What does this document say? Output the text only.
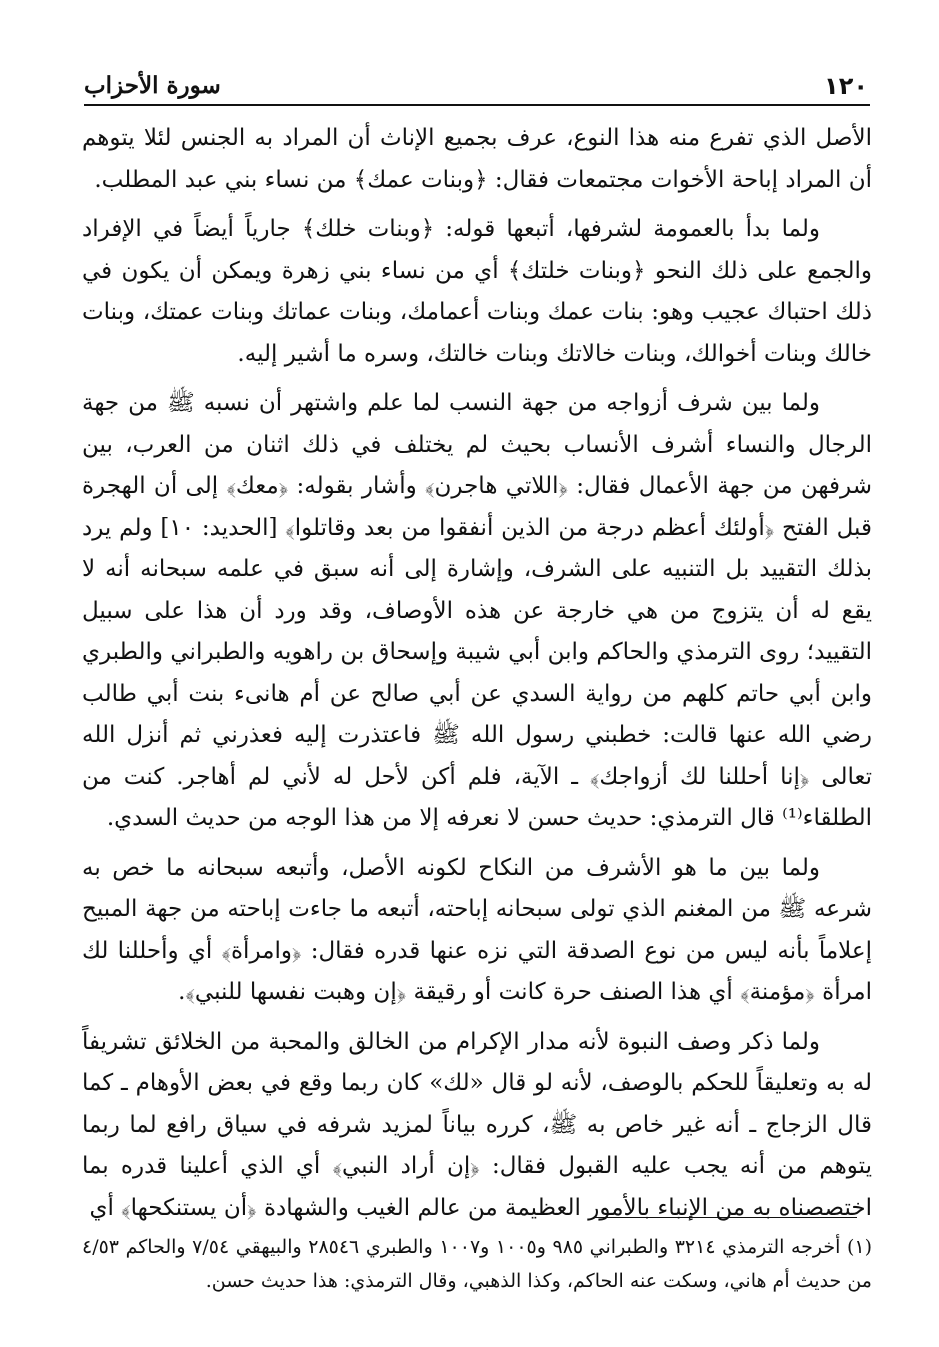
١٢٠
سورة الأحزاب

الأصل الذي تفرع منه هذا النوع، عرف بجميع الإناث أن المراد به الجنس لئلا يتوهم أن المراد إباحة الأخوات مجتمعات فقال: ﴿وبنات عمك﴾ من نساء بني عبد المطلب.

ولما بدأ بالعمومة لشرفها، أتبعها قوله: ﴿وبنات خلك﴾ جارياً أيضاً في الإفراد والجمع على ذلك النحو ﴿وبنات خلتك﴾ أي من نساء بني زهرة ويمكن أن يكون في ذلك احتباك عجيب وهو: بنات عمك وبنات أعمامك، وبنات عماتك وبنات عمتك، وبنات خالك وبنات أخوالك، وبنات خالاتك وبنات خالتك، وسره ما أشير إليه.

ولما بين شرف أزواجه من جهة النسب لما علم واشتهر أن نسبه ﷺ من جهة الرجال والنساء أشرف الأنساب بحيث لم يختلف في ذلك اثنان من العرب، بين شرفهن من جهة الأعمال فقال: ﴿اللاتي هاجرن﴾ وأشار بقوله: ﴿معك﴾ إلى أن الهجرة قبل الفتح ﴿أولئك أعظم درجة من الذين أنفقوا من بعد وقاتلوا﴾ [الحديد: ١٠] ولم يرد بذلك التقييد بل التنبيه على الشرف، وإشارة إلى أنه سبق في علمه سبحانه أنه لا يقع له أن يتزوج من هي خارجة عن هذه الأوصاف، وقد ورد أن هذا على سبيل التقييد؛ روى الترمذي والحاكم وابن أبي شيبة وإسحاق بن راهويه والطبراني والطبري وابن أبي حاتم كلهم من رواية السدي عن أبي صالح عن أم هانىء بنت أبي طالب رضي الله عنها قالت: خطبني رسول الله ﷺ فاعتذرت إليه فعذرني ثم أنزل الله تعالى ﴿إنا أحللنا لك أزواجك﴾ ـ الآية، فلم أكن لأحل له لأني لم أهاجر. كنت من الطلقاء⁽¹⁾ قال الترمذي: حديث حسن لا نعرفه إلا من هذا الوجه من حديث السدي.

ولما بين ما هو الأشرف من النكاح لكونه الأصل، وأتبعه سبحانه ما خص به شرعه ﷺ من المغنم الذي تولى سبحانه إباحته، أتبعه ما جاءت إباحته من جهة المبيح إعلاماً بأنه ليس من نوع الصدقة التي نزه عنها قدره فقال: ﴿وامرأة﴾ أي وأحللنا لك امرأة ﴿مؤمنة﴾ أي هذا الصنف حرة كانت أو رقيقة ﴿إن وهبت نفسها للنبي﴾.

ولما ذكر وصف النبوة لأنه مدار الإكرام من الخالق والمحبة من الخلائق تشريفاً له به وتعليقاً للحكم بالوصف، لأنه لو قال «لك» كان ربما وقع في بعض الأوهام ـ كما قال الزجاج ـ أنه غير خاص به ﷺ، كرره بياناً لمزيد شرفه في سياق رافع لما ربما يتوهم من أنه يجب عليه القبول فقال: ﴿إن أراد النبي﴾ أي الذي أعلينا قدره بما اختصصناه به من الإنباء بالأمور العظيمة من عالم الغيب والشهادة ﴿أن يستنكحها﴾ أي

(١) أخرجه الترمذي ٣٢١٤ والطبراني ٩٨٥ و١٠٠٥ و١٠٠٧ والطبري ٢٨٥٤٦ والبيهقي ٧/٥٤ والحاكم ٤/٥٣ من حديث أم هاني، وسكت عنه الحاكم، وكذا الذهبي، وقال الترمذي: هذا حديث حسن.
